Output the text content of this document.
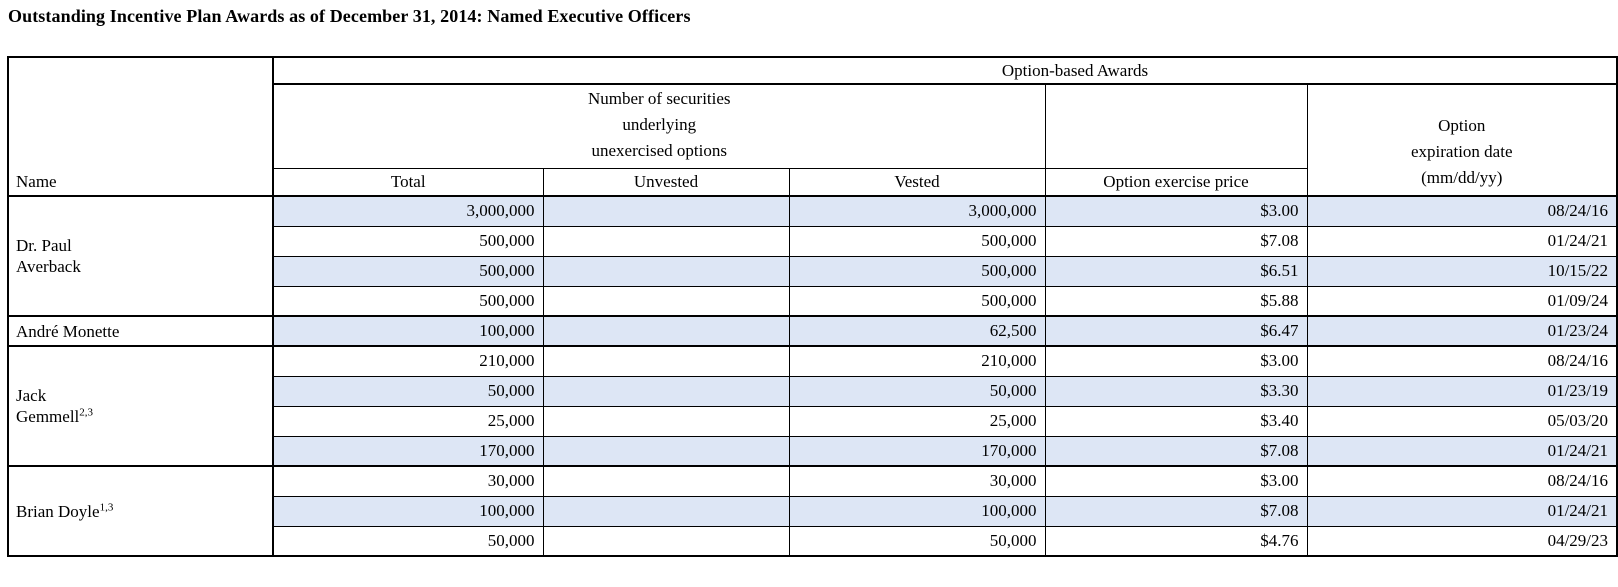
Outstanding Incentive Plan Awards as of December 31, 2014: Named Executive Officers
Name	Option-based Awards				
	Number of securities
underlying
unexercised options				Option
expiration date
(mm/dd/yy)
	Total	Unvested	Vested	Option exercise price	
Dr. Paul
Averback	3,000,000		3,000,000	$3.00	08/24/16
	500,000		500,000	$7.08	01/24/21
	500,000		500,000	$6.51	10/15/22
	500,000		500,000	$5.88	01/09/24
André Monette	100,000		62,500	$6.47	01/23/24
Jack
Gemmell$^{2,3}$	210,000		210,000	$3.00	08/24/16
	50,000		50,000	$3.30	01/23/19
	25,000		25,000	$3.40	05/03/20
	170,000		170,000	$7.08	01/24/21
Brian Doyle$^{1,3}$	30,000		30,000	$3.00	08/24/16
	100,000		100,000	$7.08	01/24/21
	50,000		50,000	$4.76	04/29/23
